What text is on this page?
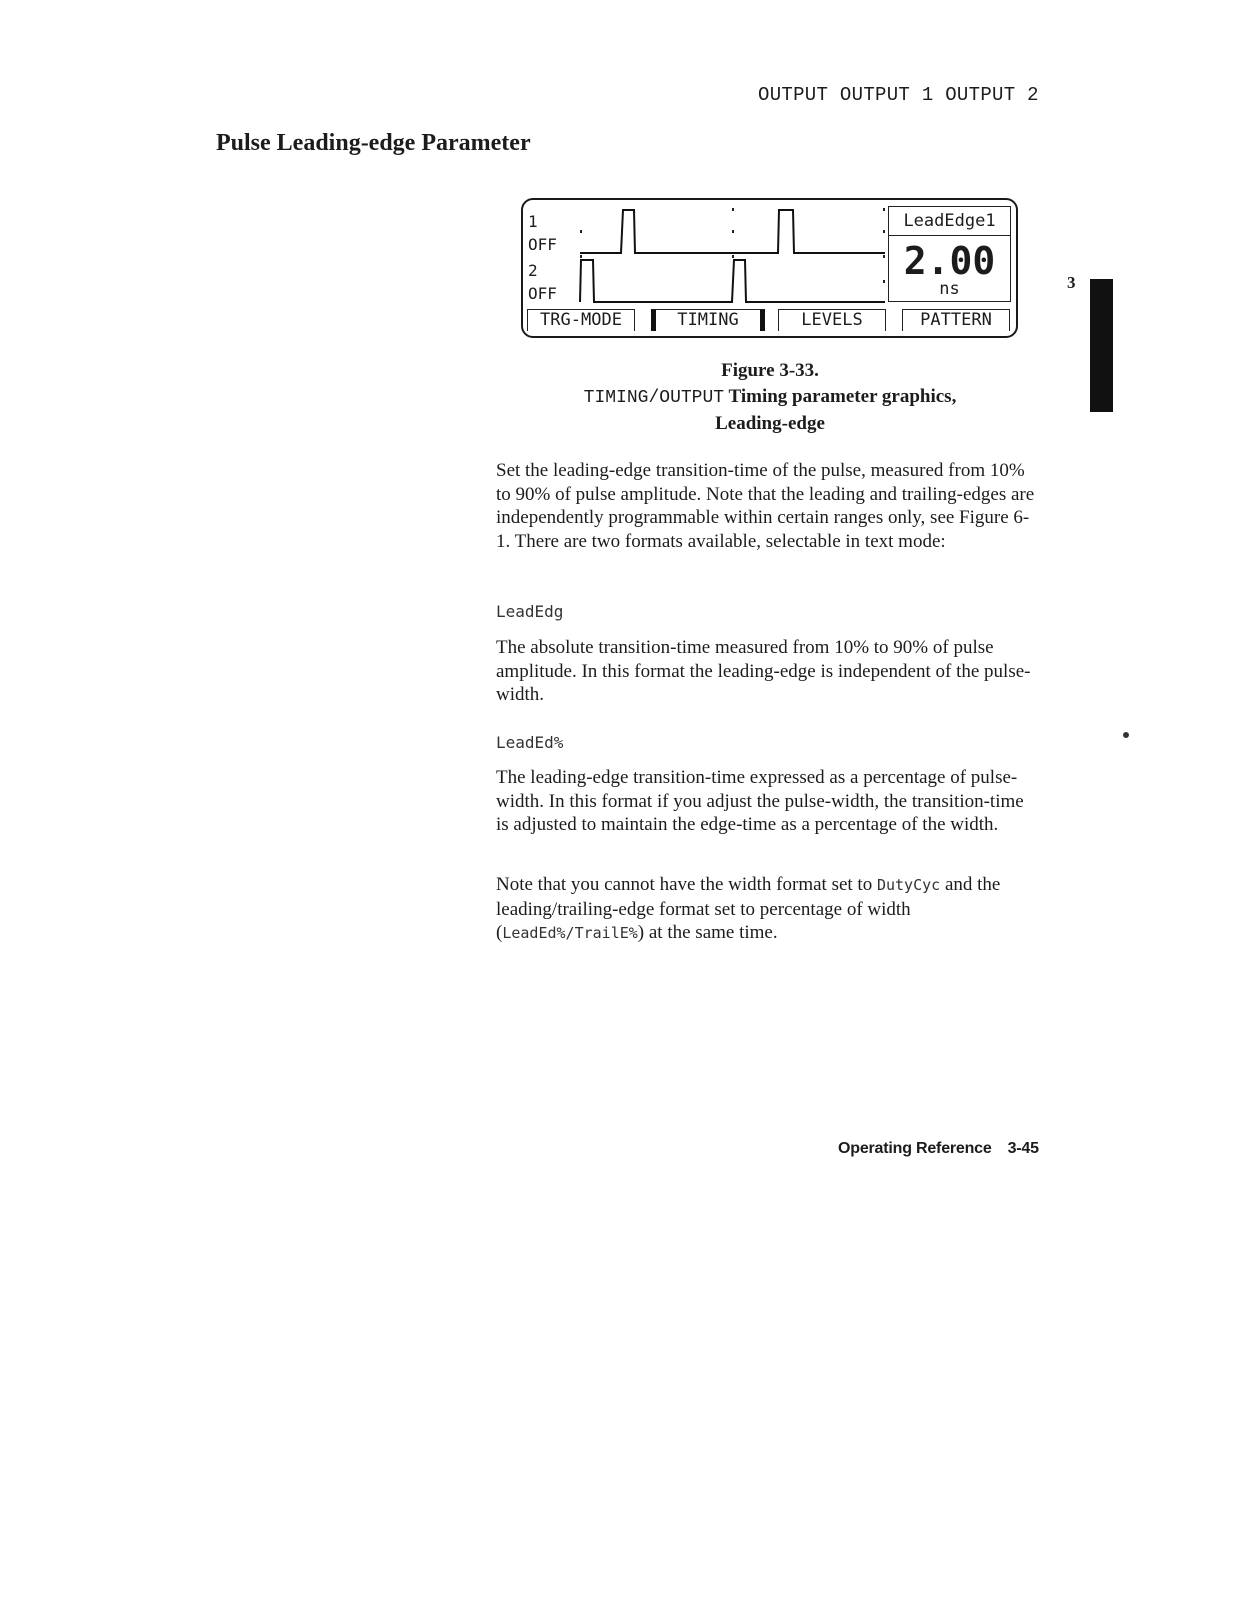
OUTPUT OUTPUT 1 OUTPUT 2
Pulse Leading-edge Parameter
1
OFF
2
OFF
LeadEdge1
2.00
ns
TRG-MODE	TIMING	LEVELS	PATTERN
Figure 3-33.
TIMING/OUTPUT Timing parameter graphics,
Leading-edge

Set the leading-edge transition-time of the pulse, measured from 10% to 90% of pulse amplitude. Note that the leading and trailing-edges are independently programmable within certain ranges only, see Figure 6-1. There are two formats available, selectable in text mode:

LeadEdg

The absolute transition-time measured from 10% to 90% of pulse amplitude. In this format the leading-edge is independent of the pulse-width.

LeadEd%

The leading-edge transition-time expressed as a percentage of pulse-width. In this format if you adjust the pulse-width, the transition-time is adjusted to maintain the edge-time as a percentage of the width.

Note that you cannot have the width format set to DutyCyc and the leading/trailing-edge format set to percentage of width (LeadEd%/TrailE%) at the same time.

3
Operating Reference 3-45
